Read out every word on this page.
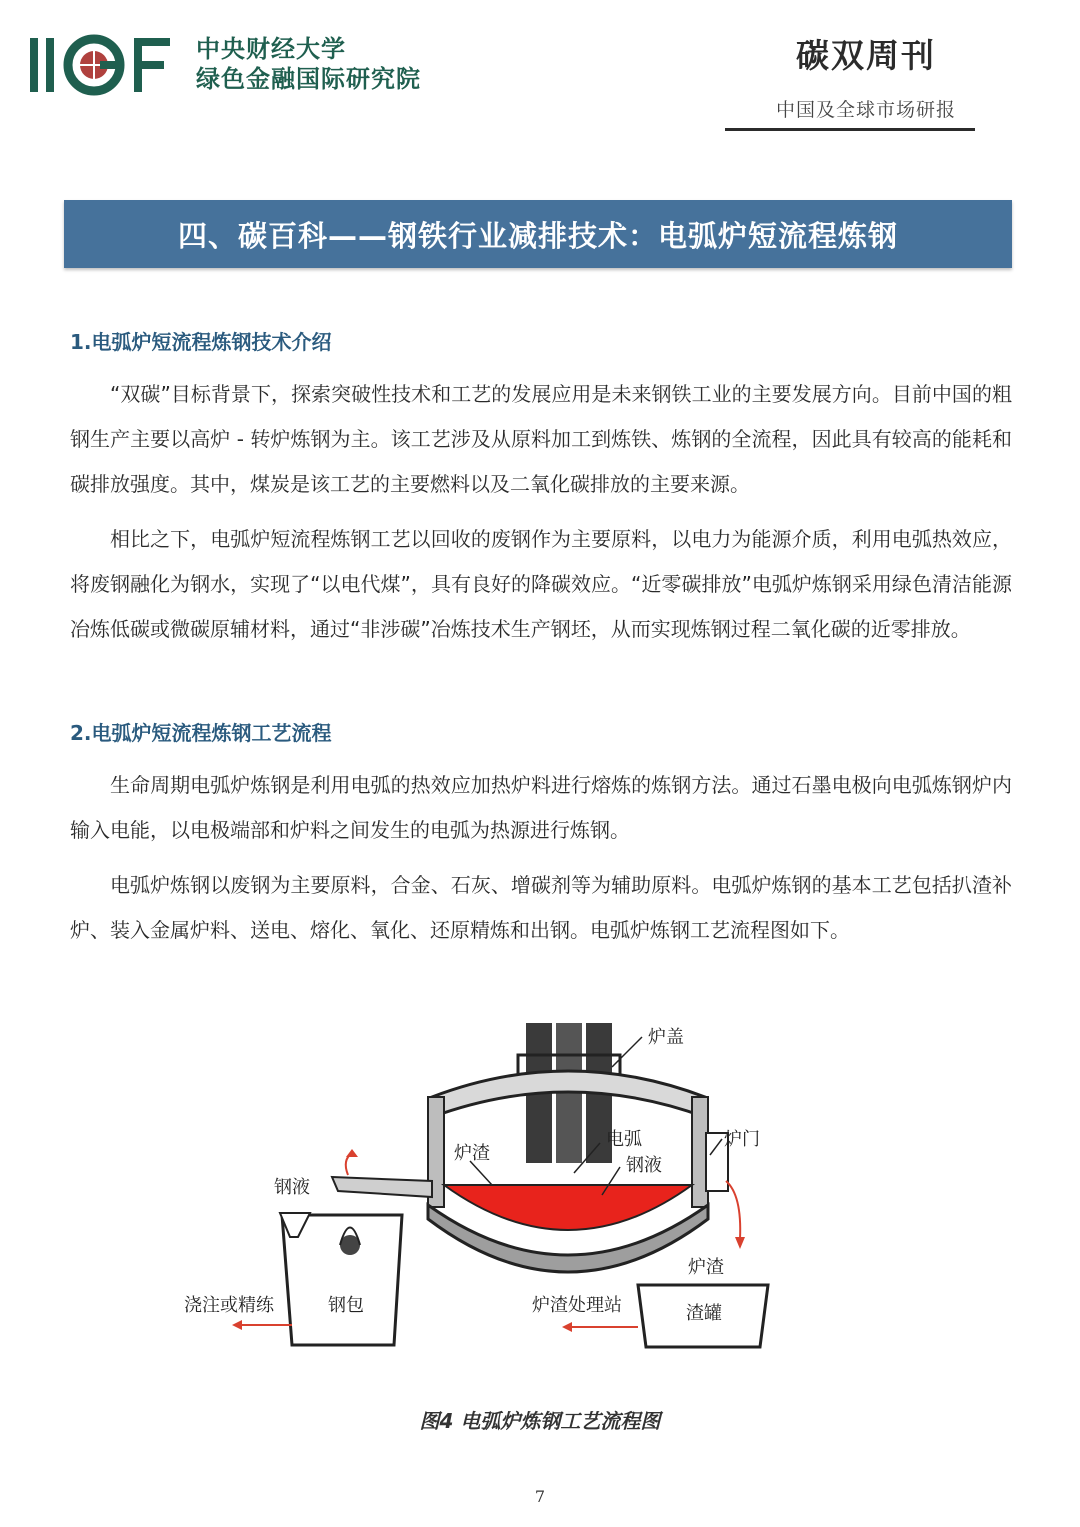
中央财经大学
绿色金融国际研究院
碳双周刊
中国及全球市场研报
四、碳百科——钢铁行业减排技术：电弧炉短流程炼钢
1.电弧炉短流程炼钢技术介绍
“双碳”目标背景下，探索突破性技术和工艺的发展应用是未来钢铁工业的主要发展方向。目前中国的粗钢生产主要以高炉 - 转炉炼钢为主。该工艺涉及从原料加工到炼铁、炼钢的全流程，因此具有较高的能耗和碳排放强度。其中，煤炭是该工艺的主要燃料以及二氧化碳排放的主要来源。
相比之下，电弧炉短流程炼钢工艺以回收的废钢作为主要原料，以电力为能源介质，利用电弧热效应，将废钢融化为钢水，实现了“以电代煤”，具有良好的降碳效应。“近零碳排放”电弧炉炼钢采用绿色清洁能源冶炼低碳或微碳原辅材料，通过“非涉碳”冶炼技术生产钢坯，从而实现炼钢过程二氧化碳的近零排放。
2.电弧炉短流程炼钢工艺流程
生命周期电弧炉炼钢是利用电弧的热效应加热炉料进行熔炼的炼钢方法。通过石墨电极向电弧炼钢炉内输入电能，以电极端部和炉料之间发生的电弧为热源进行炼钢。
电弧炉炼钢以废钢为主要原料，合金、石灰、增碳剂等为辅助原料。电弧炉炼钢的基本工艺包括扒渣补炉、装入金属炉料、送电、熔化、氧化、还原精炼和出钢。电弧炉炼钢工艺流程图如下。
炉盖
炉渣
电弧
钢液
炉门
钢液
炉渣
浇注或精练	钢包	炉渣处理站	渣罐
图4 电弧炉炼钢工艺流程图
7
